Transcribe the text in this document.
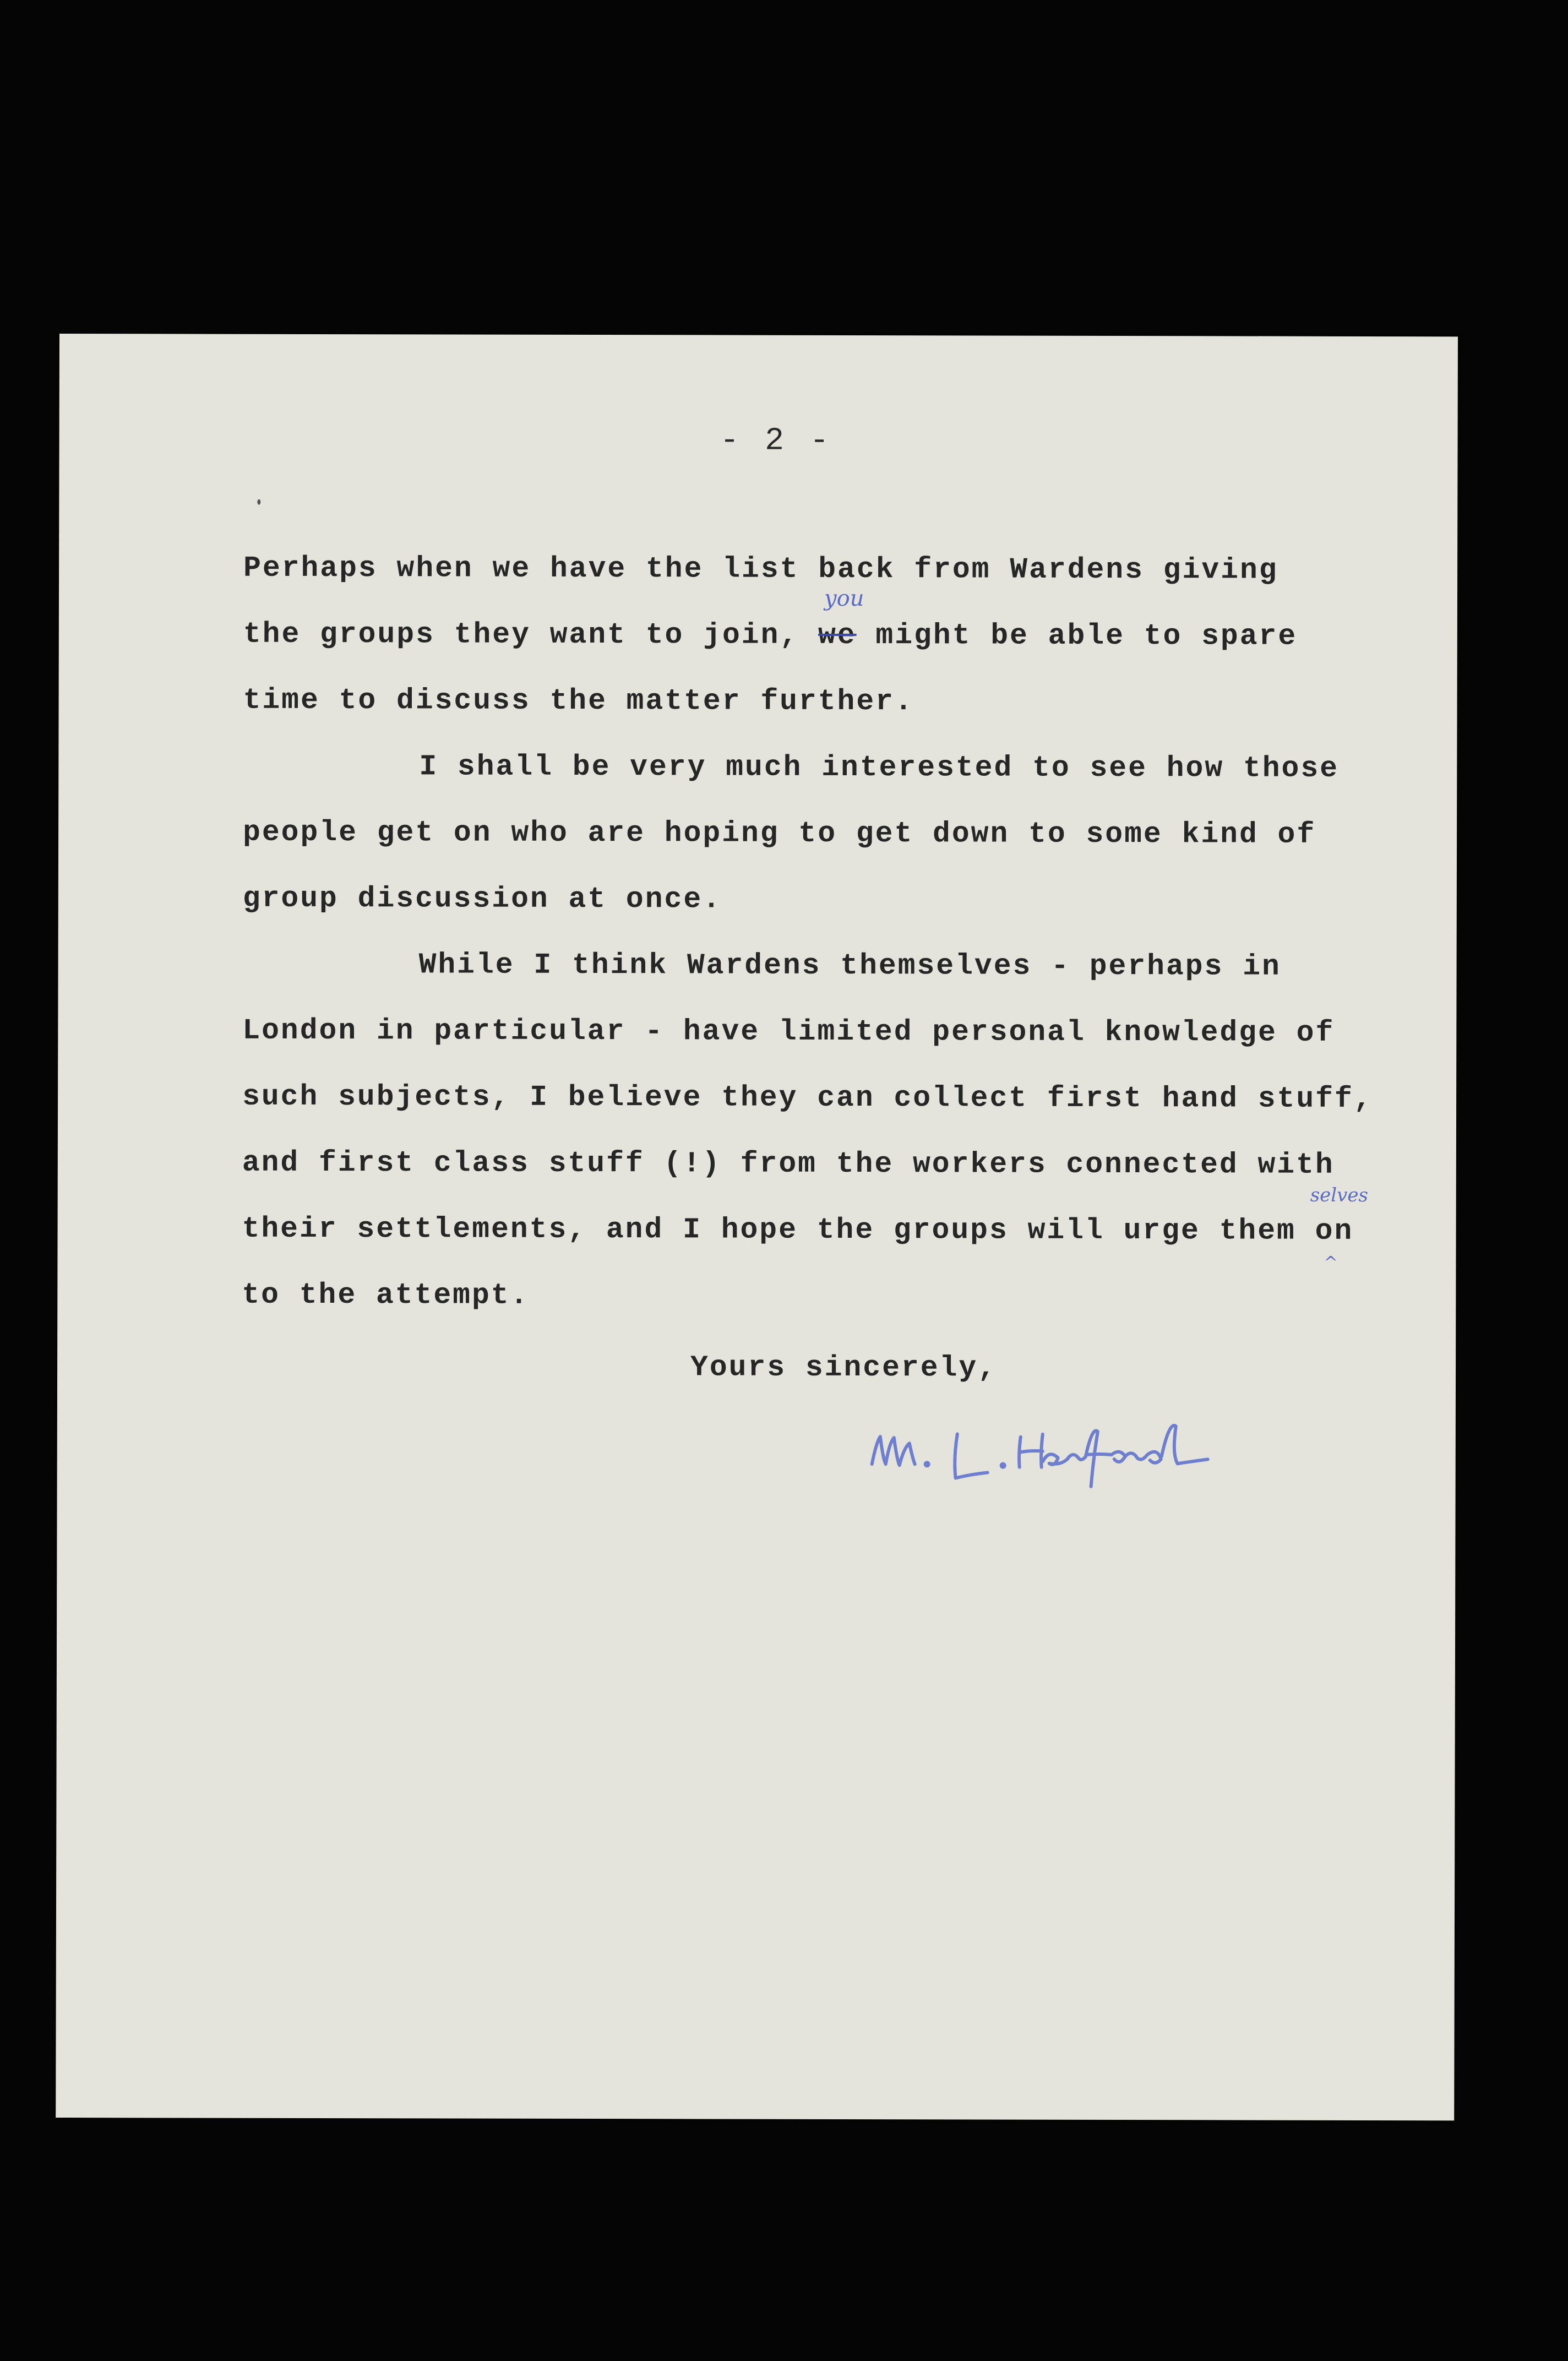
- 2 -
Perhaps when we have the list back from Wardens giving
the groups they want to join, we might be able to spare
you
time to discuss the matter further.
I shall be very much interested to see how those
people get on who are hoping to get down to some kind of
group discussion at once.
While I think Wardens themselves - perhaps in
London in particular - have limited personal knowledge of
such subjects, I believe they can collect first hand stuff,
and first class stuff (!) from the workers connected with
their settlements, and I hope the groups will urge them on
selves
^
to the attempt.
Yours sincerely,
